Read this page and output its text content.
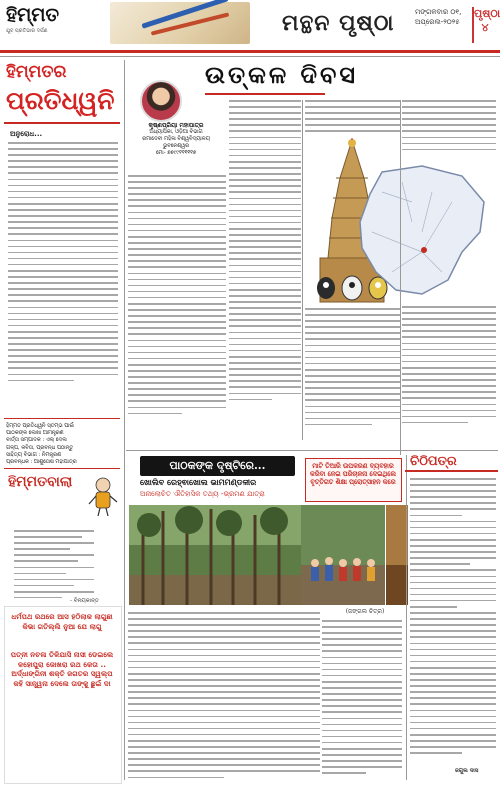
ହିମ୍ମତ
ଯୁବ ପ୍ରତିଭାର ଦର୍ପଣ	ମନ୍ଥନ ପୃଷ୍ଠା	ମଙ୍ଗଳବାର ୦୧,
ଅପ୍ରେଲ-୨୦୨୫
ପୃଷ୍ଠା ୪
ହିମ୍ମତର
ପ୍ରତିଧ୍ୱନି
ଅନୁରୋଧ...
ହିମ୍ମତ ପ୍ରତିଧ୍ୱନି ସ୍ତମ୍ଭ ପାଇଁ
ପାଠକଙ୍କ ଲେଖା ଆମନ୍ତ୍ରଣ
ବାର୍ତ୍ତା ସମ୍ପାଦକ : ଏଲ୍ ଦେଲ
ଗଳ୍ପ, କବିତା, ପ୍ରବନ୍ଧ ପଠାନ୍ତୁ
ସାହିତ୍ୟ ବିଭାଗ : ନିମନ୍ତ୍ରଣ
ପ୍ରବନ୍ଧକ : ଆଶୁତୋଷ ମହାପାତ୍ର
ହିମ୍ମତବାଲା
- ବିନୟକାନ୍ତ
ଧର୍ମପଥ ରଥରେ ଆସ ହଠିଲାକ ଲାଗୁଛା କିଭା ଗତିଲ୍ଲି ନୁଆ ଯେ ଲାଗୁ
ପତ୍ନୀ ନଚଳା ତିଳିଯାସି ନାସୀ ଡେଇଲେ ଳହୋପୁରା ଜୋଖରା ରଥ କେତା .. ଅର୍ଦ୍ଧାଙ୍ଗିନୀ ଶକ୍ତି ଜଗତର ସ୍ୱଲ୍ପ କହି ସାନ୍ତ୍ୱନା ଦେଲେ ତାଙ୍କୁ ଛୁଇଁ ଦା
ଉତ୍କଳ ଦିବସ
କୃଷ୍ଣପ୍ରିୟା ମହାପାତ୍ର
ଅଧ୍ୟାପିକା, ଓଡ଼ିଆ ବିଭାଗ
ରମାଦେବୀ ମହିଳା ବିଶ୍ୱବିଦ୍ୟାଳୟ
ଭୁବନେଶ୍ୱର
ମୋ- ୭୭୯୯୧୧୧୧୧୭
ପାଠକଙ୍କ ଦୃଷ୍ଟିରେ...
ଖୋଲିବ ରେହ୍ଵାଖୋଲ ଭାମମଣ୍ଡଳୀର
ଅନାଲୋଚିତ ଐତିହାସିକ ତଥ୍ୟ -ଭ୍ରମଣ ଯାତ୍ରା
ମାଟି ତିଆରି ଉପକରଣ ବ୍ୟବହାର କରିବା ନେଇ ପରିଚାଳନା ଦେଇଥିଲେ
ବୃତ୍ତିଗତ ଶିକ୍ଷା ପ୍ରୋତ୍ସାହନ କରେ
(ଜଙ୍ଗଲ ଚିତ୍ର)
ଚିଠିପତ୍ର
ଜଗୁଲ ଦାସ
